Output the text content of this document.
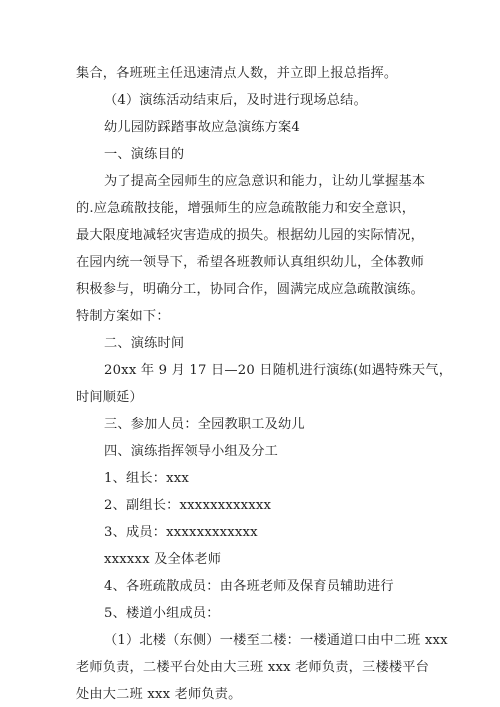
集合，各班班主任迅速清点人数，并立即上报总指挥。
（4）演练活动结束后，及时进行现场总结。
幼儿园防踩踏事故应急演练方案4
一、演练目的
为了提高全园师生的应急意识和能力，让幼儿掌握基本
的.应急疏散技能，增强师生的应急疏散能力和安全意识，
最大限度地减轻灾害造成的损失。根据幼儿园的实际情况，
在园内统一领导下，希望各班教师认真组织幼儿，全体教师
积极参与，明确分工，协同合作，圆满完成应急疏散演练。
特制方案如下：
二、演练时间
20xx 年 9 月 17 日—20 日随机进行演练(如遇特殊天气，
时间顺延）
三、参加人员：全园教职工及幼儿
四、演练指挥领导小组及分工
1、组长：xxx
2、副组长：xxxxxxxxxxxx
3、成员：xxxxxxxxxxxx
xxxxxx 及全体老师
4、各班疏散成员：由各班老师及保育员辅助进行
5、楼道小组成员：
（1）北楼（东侧）一楼至二楼：一楼通道口由中二班 xxx
老师负责，二楼平台处由大三班 xxx 老师负责，三楼楼平台
处由大二班 xxx 老师负责。
